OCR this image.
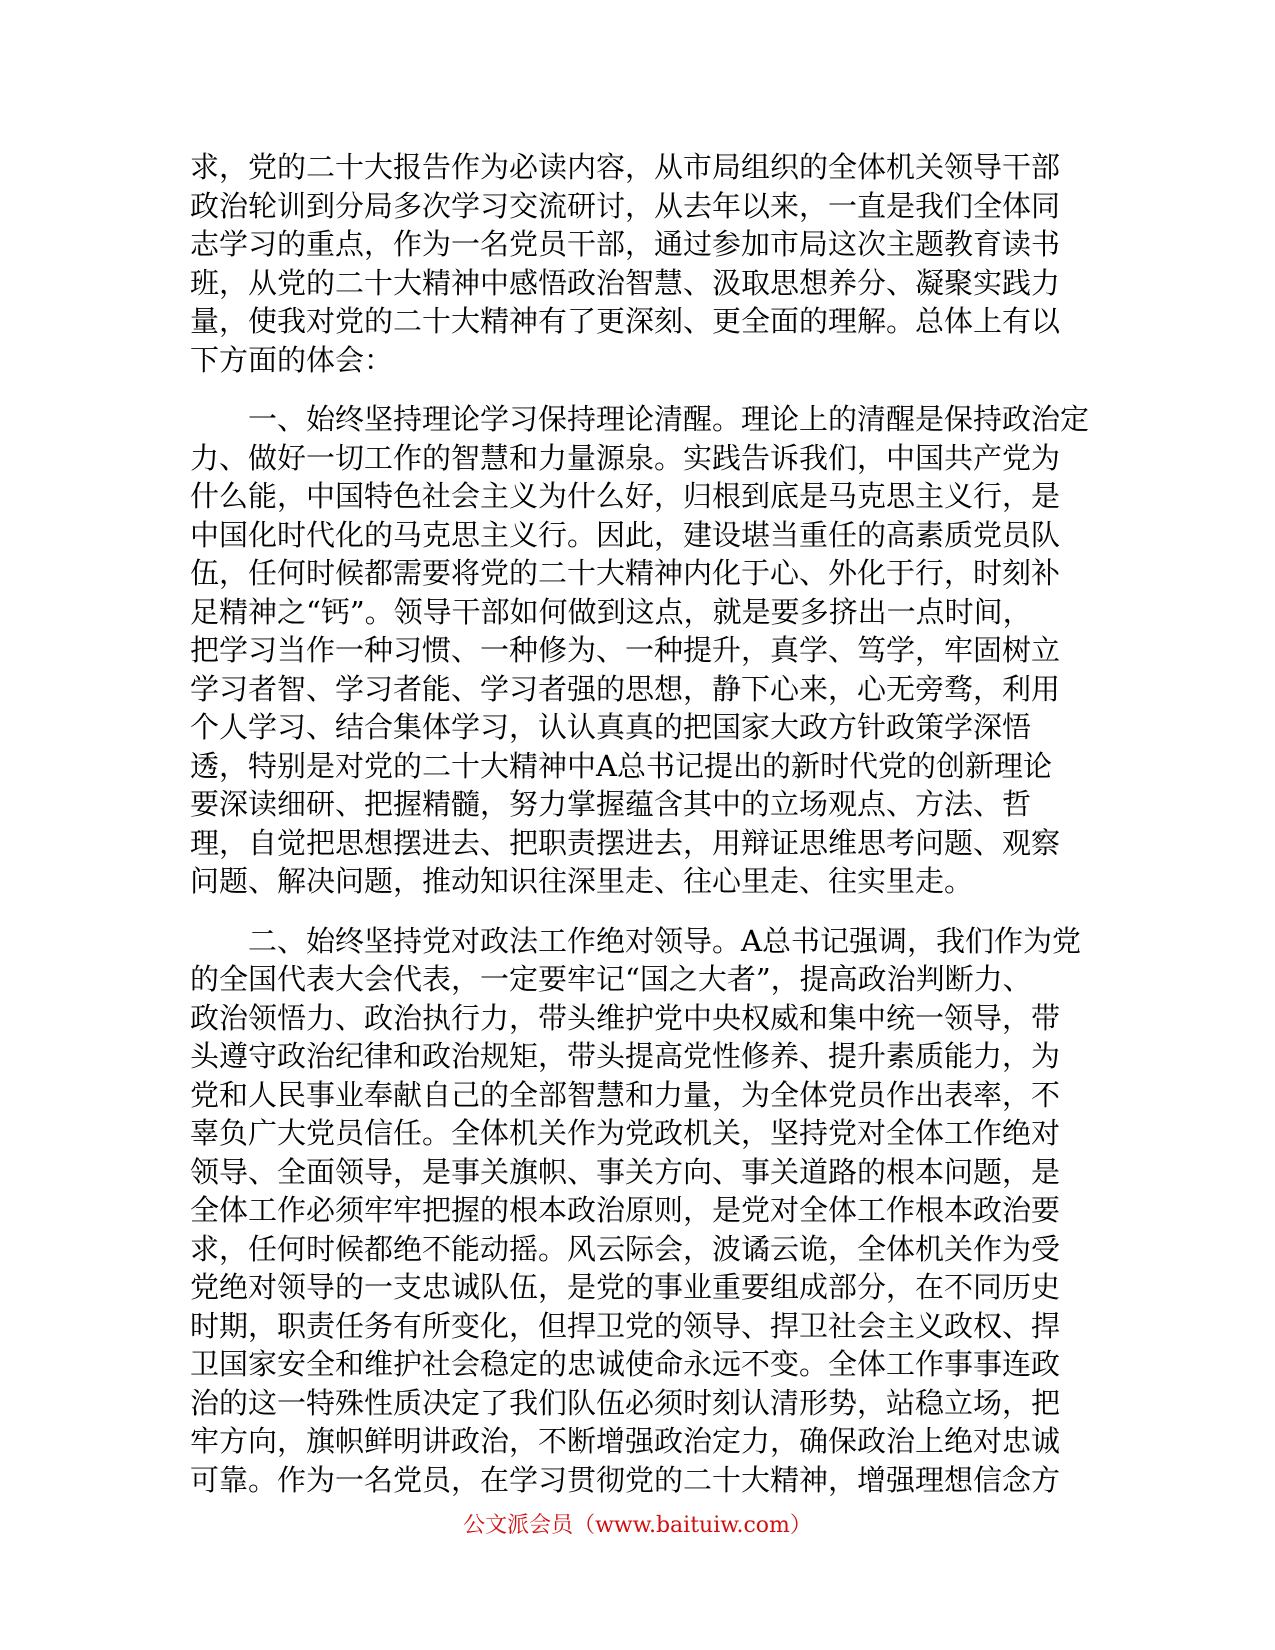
求，党的二十大报告作为必读内容，从市局组织的全体机关领导干部
政治轮训到分局多次学习交流研讨，从去年以来，一直是我们全体同
志学习的重点，作为一名党员干部，通过参加市局这次主题教育读书
班，从党的二十大精神中感悟政治智慧、汲取思想养分、凝聚实践力
量，使我对党的二十大精神有了更深刻、更全面的理解。总体上有以
下方面的体会：
　　一、始终坚持理论学习保持理论清醒。理论上的清醒是保持政治定
力、做好一切工作的智慧和力量源泉。实践告诉我们，中国共产党为
什么能，中国特色社会主义为什么好，归根到底是马克思主义行，是
中国化时代化的马克思主义行。因此，建设堪当重任的高素质党员队
伍，任何时候都需要将党的二十大精神内化于心、外化于行，时刻补
足精神之“钙”。领导干部如何做到这点，就是要多挤出一点时间，
把学习当作一种习惯、一种修为、一种提升，真学、笃学，牢固树立
学习者智、学习者能、学习者强的思想，静下心来，心无旁骛，利用
个人学习、结合集体学习，认认真真的把国家大政方针政策学深悟
透，特别是对党的二十大精神中A总书记提出的新时代党的创新理论
要深读细研、把握精髓，努力掌握蕴含其中的立场观点、方法、哲
理，自觉把思想摆进去、把职责摆进去，用辩证思维思考问题、观察
问题、解决问题，推动知识往深里走、往心里走、往实里走。
　　二、始终坚持党对政法工作绝对领导。A总书记强调，我们作为党
的全国代表大会代表，一定要牢记“国之大者”，提高政治判断力、
政治领悟力、政治执行力，带头维护党中央权威和集中统一领导，带
头遵守政治纪律和政治规矩，带头提高党性修养、提升素质能力，为
党和人民事业奉献自己的全部智慧和力量，为全体党员作出表率，不
辜负广大党员信任。全体机关作为党政机关，坚持党对全体工作绝对
领导、全面领导，是事关旗帜、事关方向、事关道路的根本问题，是
全体工作必须牢牢把握的根本政治原则，是党对全体工作根本政治要
求，任何时候都绝不能动摇。风云际会，波谲云诡，全体机关作为受
党绝对领导的一支忠诚队伍，是党的事业重要组成部分，在不同历史
时期，职责任务有所变化，但捍卫党的领导、捍卫社会主义政权、捍
卫国家安全和维护社会稳定的忠诚使命永远不变。全体工作事事连政
治的这一特殊性质决定了我们队伍必须时刻认清形势，站稳立场，把
牢方向，旗帜鲜明讲政治，不断增强政治定力，确保政治上绝对忠诚
可靠。作为一名党员，在学习贯彻党的二十大精神，增强理想信念方
公文派会员（www.baituiw.com）
